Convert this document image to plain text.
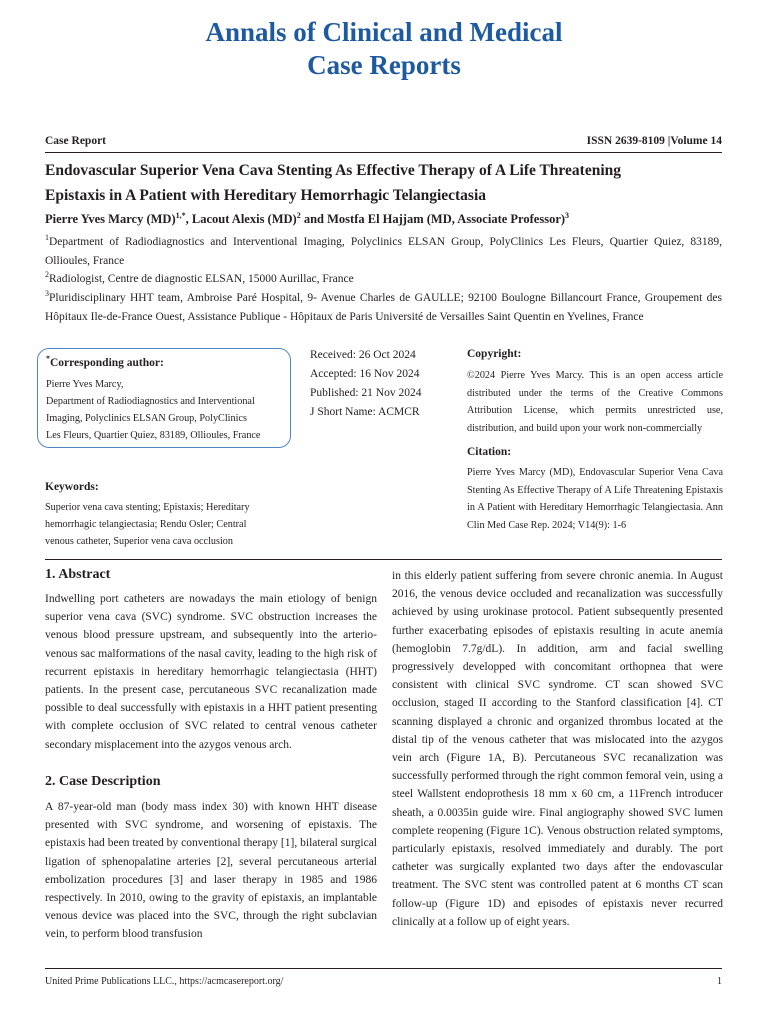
Annals of Clinical and Medical
Case Reports
Case Report	ISSN 2639-8109 |Volume 14
Endovascular Superior Vena Cava Stenting As Effective Therapy of A Life Threatening
Epistaxis in A Patient with Hereditary Hemorrhagic Telangiectasia
Pierre Yves Marcy (MD)$^{1,*}$, Lacout Alexis (MD)$^2$ and Mostfa El Hajjam (MD, Associate Professor)$^3$
$^1$Department of Radiodiagnostics and Interventional Imaging, Polyclinics ELSAN Group, PolyClinics Les Fleurs, Quartier Quiez, 83189, Ollioules, France
$^2$Radiologist, Centre de diagnostic ELSAN, 15000 Aurillac, France
$^3$Pluridisciplinary HHT team, Ambroise Paré Hospital, 9- Avenue Charles de GAULLE; 92100 Boulogne Billancourt France, Groupement des Hôpitaux Ile-de-France Ouest, Assistance Publique - Hôpitaux de Paris Université de Versailles Saint Quentin en Yvelines, France
*Corresponding author:
Pierre Yves Marcy,
Department of Radiodiagnostics and Interventional
Imaging, Polyclinics ELSAN Group, PolyClinics
Les Fleurs, Quartier Quiez, 83189, Ollioules, France
Received: 26 Oct 2024
Accepted: 16 Nov 2024
Published: 21 Nov 2024
J Short Name: ACMCR
Copyright:
©2024 Pierre Yves Marcy. This is an open access article distributed under the terms of the Creative Commons Attribution License, which permits unrestricted use, distribution, and build upon your work non-commercially
Citation:
Pierre Yves Marcy (MD), Endovascular Superior Vena Cava Stenting As Effective Therapy of A Life Threatening Epistaxis in A Patient with Hereditary Hemorrhagic Telangiectasia. Ann Clin Med Case Rep. 2024; V14(9): 1-6
Keywords:
Superior vena cava stenting; Epistaxis; Hereditary
hemorrhagic telangiectasia; Rendu Osler; Central
venous catheter, Superior vena cava occlusion
1. Abstract
Indwelling port catheters are nowadays the main etiology of benign superior vena cava (SVC) syndrome. SVC obstruction increases the venous blood pressure upstream, and subsequently into the arterio-venous sac malformations of the nasal cavity, leading to the high risk of recurrent epistaxis in hereditary hemorrhagic telangiectasia (HHT) patients. In the present case, percutaneous SVC recanalization made possible to deal successfully with epistaxis in a HHT patient presenting with complete occlusion of SVC related to central venous catheter secondary misplacement into the azygos venous arch.
2. Case Description
A 87-year-old man (body mass index 30) with known HHT disease presented with SVC syndrome, and worsening of epistaxis. The epistaxis had been treated by conventional therapy [1], bilateral surgical ligation of sphenopalatine arteries [2], several percutaneous arterial embolization procedures [3] and laser therapy in 1985 and 1986 respectively. In 2010, owing to the gravity of epistaxis, an implantable venous device was placed into the SVC, through the right subclavian vein, to perform blood transfusion
in this elderly patient suffering from severe chronic anemia. In August 2016, the venous device occluded and recanalization was successfully achieved by using urokinase protocol. Patient subsequently presented further exacerbating episodes of epistaxis resulting in acute anemia (hemoglobin 7.7g/dL). In addition, arm and facial swelling progressively developped with concomitant orthopnea that were consistent with clinical SVC syndrome. CT scan showed SVC occlusion, staged II according to the Stanford classification [4]. CT scanning displayed a chronic and organized thrombus located at the distal tip of the venous catheter that was mislocated into the azygos vein arch (Figure 1A, B). Percutaneous SVC recanalization was successfully performed through the right common femoral vein, using a steel Wallstent endoprothesis 18 mm x 60 cm, a 11French introducer sheath, a 0.0035in guide wire. Final angiography showed SVC lumen complete reopening (Figure 1C). Venous obstruction related symptoms, particularly epistaxis, resolved immediately and durably. The port catheter was surgically explanted two days after the endovascular treatment. The SVC stent was controlled patent at 6 months CT scan follow-up (Figure 1D) and episodes of epistaxis never recurred clinically at a follow up of eight years.
United Prime Publications LLC., https://acmcasereport.org/	1
